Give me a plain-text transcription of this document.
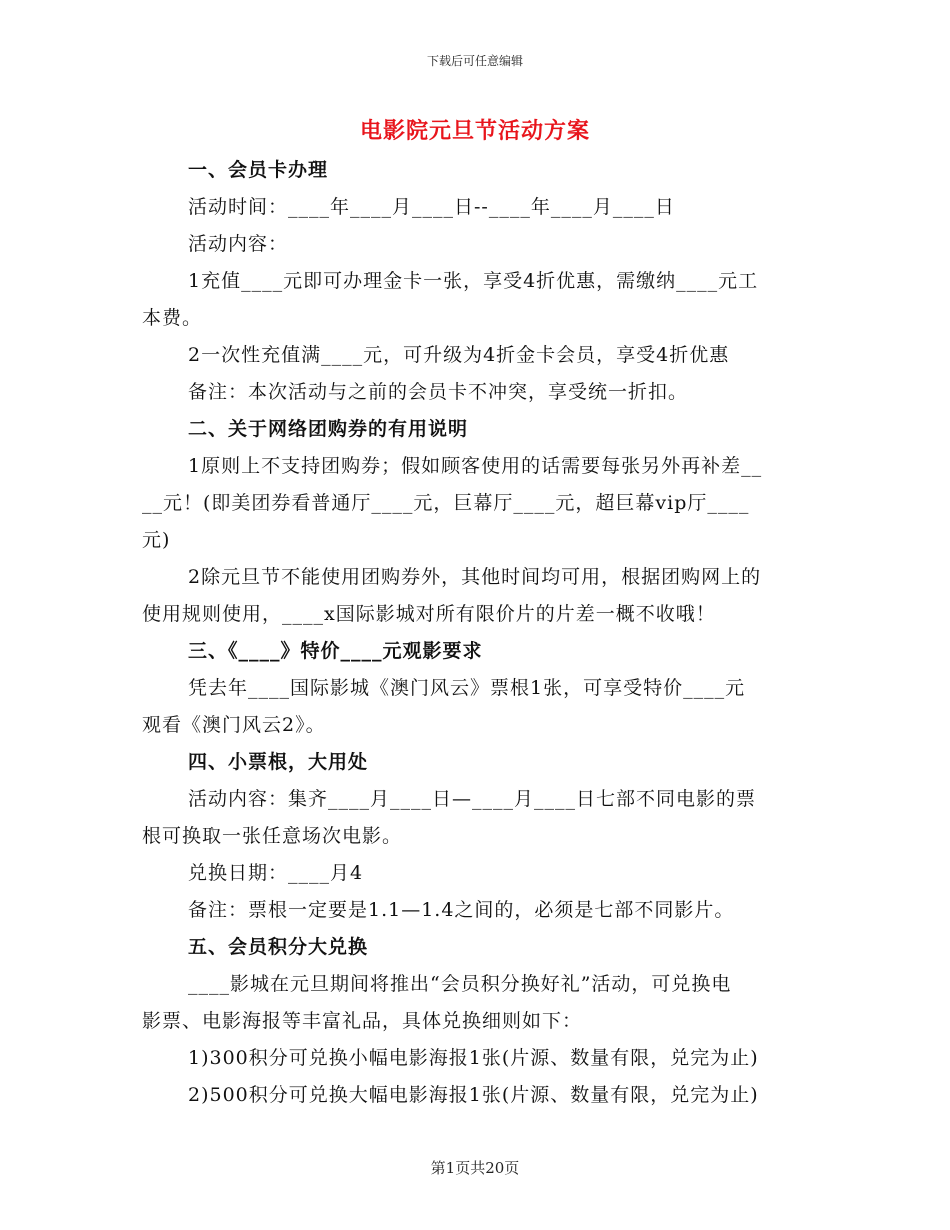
下载后可任意编辑
电影院元旦节活动方案
一、会员卡办理
活动时间：____年____月____日--____年____月____日
活动内容：
1充值____元即可办理金卡一张，享受4折优惠，需缴纳____元工
本费。
2一次性充值满____元，可升级为4折金卡会员，享受4折优惠
备注：本次活动与之前的会员卡不冲突，享受统一折扣。
二、关于网络团购券的有用说明
1原则上不支持团购券；假如顾客使用的话需要每张另外再补差__
__元！(即美团券看普通厅____元，巨幕厅____元，超巨幕vip厅____
元)
2除元旦节不能使用团购券外，其他时间均可用，根据团购网上的
使用规则使用，____x国际影城对所有限价片的片差一概不收哦！
三、《____》特价____元观影要求
凭去年____国际影城《澳门风云》票根1张，可享受特价____元
观看《澳门风云2》。
四、小票根，大用处
活动内容：集齐____月____日—____月____日七部不同电影的票
根可换取一张任意场次电影。
兑换日期：____月4
备注：票根一定要是1.1—1.4之间的，必须是七部不同影片。
五、会员积分大兑换
____影城在元旦期间将推出“会员积分换好礼”活动，可兑换电
影票、电影海报等丰富礼品，具体兑换细则如下：
1)300积分可兑换小幅电影海报1张(片源、数量有限，兑完为止)
2)500积分可兑换大幅电影海报1张(片源、数量有限，兑完为止)
第1页共20页
